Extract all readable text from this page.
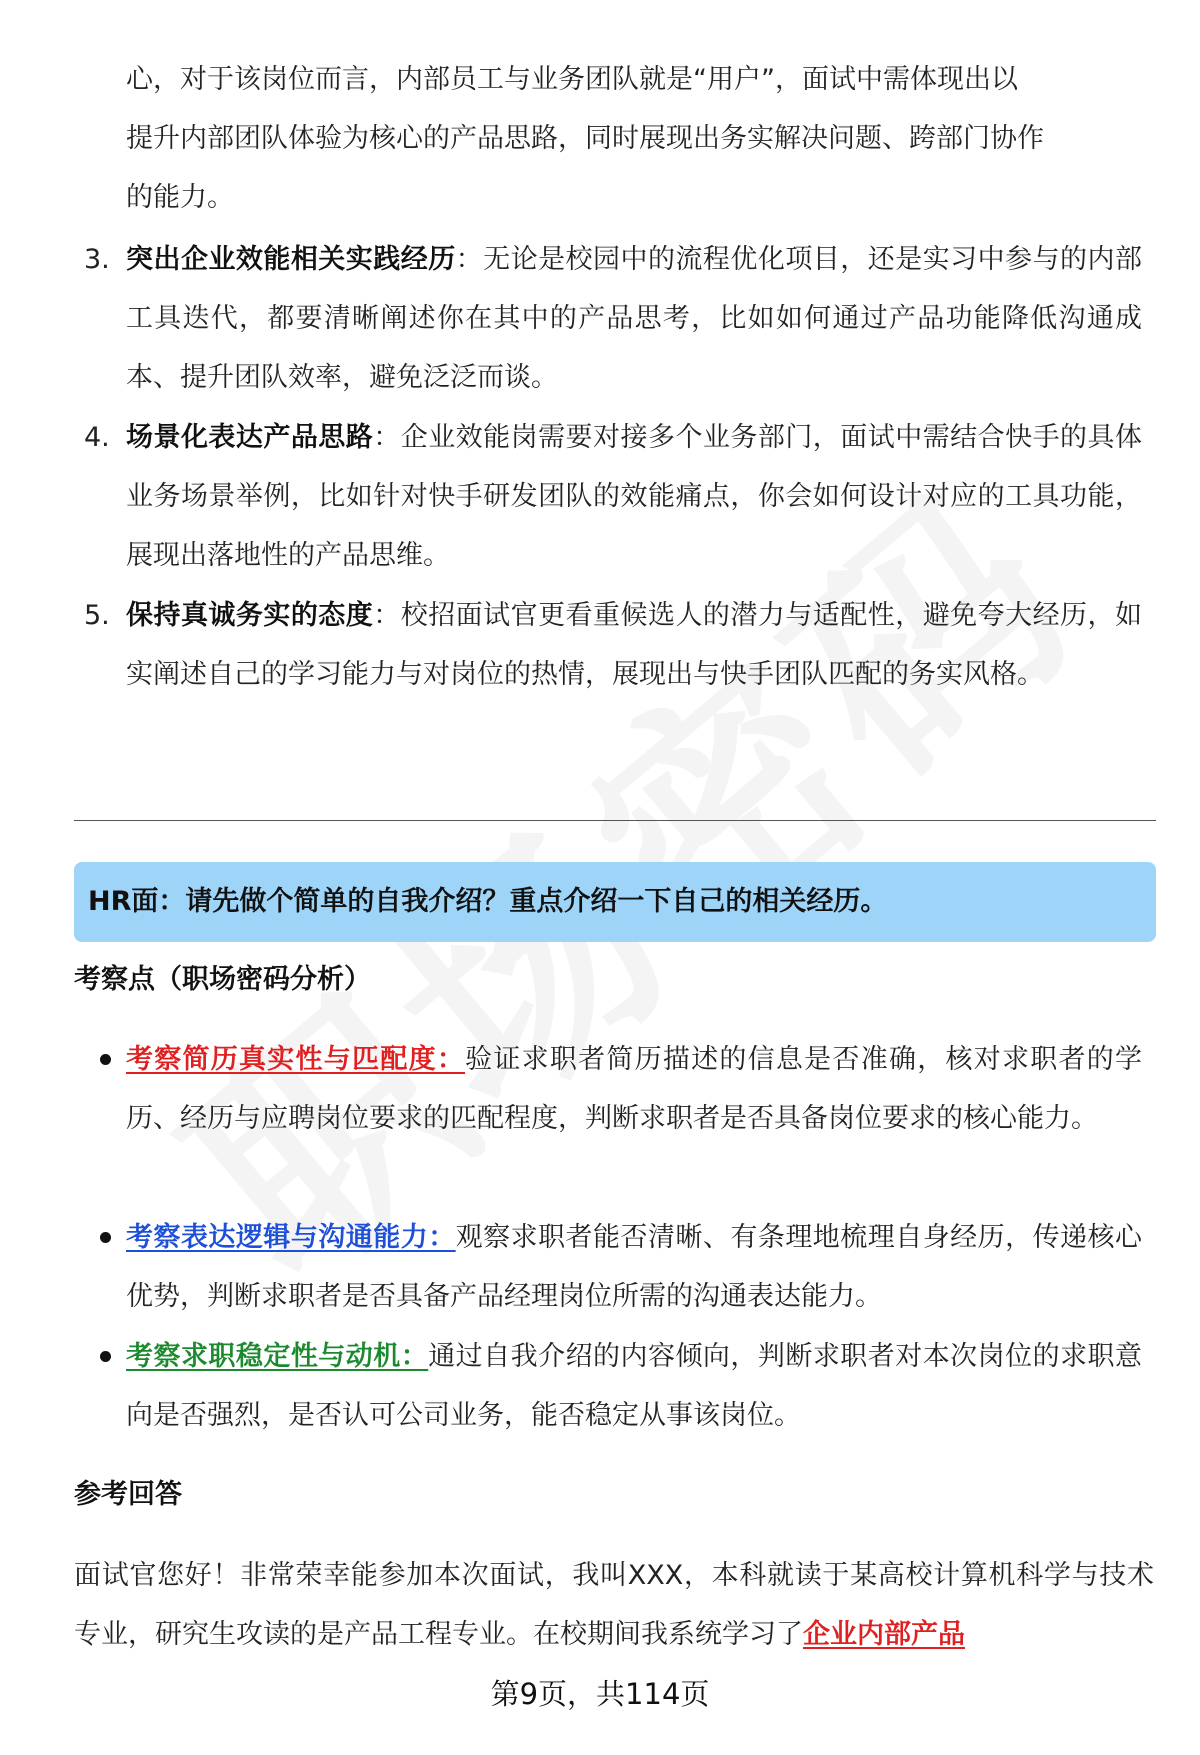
心，对于该岗位而言，内部员工与业务团队就是“用户”，面试中需体现出以
提升内部团队体验为核心的产品思路，同时展现出务实解决问题、跨部门协作
的能力。
3. 突出企业效能相关实践经历：无论是校园中的流程优化项目，还是实习中参与的内部工具迭代，都要清晰阐述你在其中的产品思考，比如如何通过产品功能降低沟通成本、提升团队效率，避免泛泛而谈。
4. 场景化表达产品思路：企业效能岗需要对接多个业务部门，面试中需结合快手的具体业务场景举例，比如针对快手研发团队的效能痛点，你会如何设计对应的工具功能，展现出落地性的产品思维。
5. 保持真诚务实的态度：校招面试官更看重候选人的潜力与适配性，避免夸大经历，如实阐述自己的学习能力与对岗位的热情，展现出与快手团队匹配的务实风格。
HR面：请先做个简单的自我介绍？重点介绍一下自己的相关经历。
考察点（职场密码分析）
考察简历真实性与匹配度：验证求职者简历描述的信息是否准确，核对求职者的学历、经历与应聘岗位要求的匹配程度，判断求职者是否具备岗位要求的核心能力。
考察表达逻辑与沟通能力：观察求职者能否清晰、有条理地梳理自身经历，传递核心优势，判断求职者是否具备产品经理岗位所需的沟通表达能力。
考察求职稳定性与动机：通过自我介绍的内容倾向，判断求职者对本次岗位的求职意向是否强烈，是否认可公司业务，能否稳定从事该岗位。
参考回答
面试官您好！非常荣幸能参加本次面试，我叫XXX，本科就读于某高校计算机科学与技术专业，研究生攻读的是产品工程专业。在校期间我系统学习了企业内部产品
第9页，共114页
